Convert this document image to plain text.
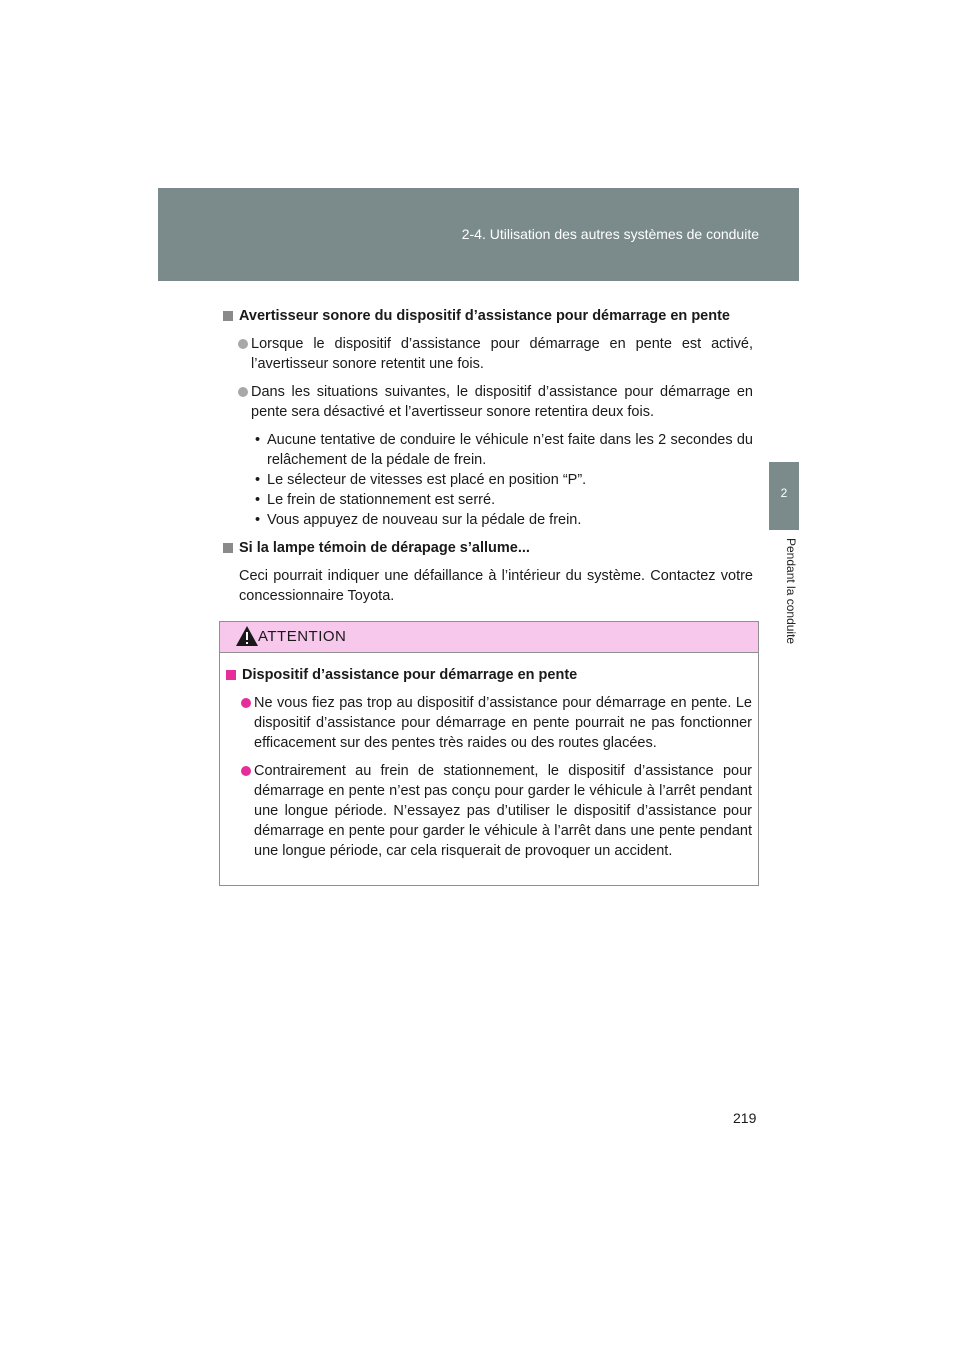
2-4. Utilisation des autres systèmes de conduite
2
Pendant la conduite
Avertisseur sonore du dispositif d’assistance pour démarrage en pente
Lorsque le dispositif d’assistance pour démarrage en pente est activé, l’avertisseur sonore retentit une fois.
Dans les situations suivantes, le dispositif d’assistance pour démarrage en pente sera désactivé et l’avertisseur sonore retentira deux fois.
• Aucune tentative de conduire le véhicule n’est faite dans les 2 secondes du relâchement de la pédale de frein.
• Le sélecteur de vitesses est placé en position “P”.
• Le frein de stationnement est serré.
• Vous appuyez de nouveau sur la pédale de frein.
Si la lampe témoin de dérapage s’allume...
Ceci pourrait indiquer une défaillance à l’intérieur du système. Contactez votre concessionnaire Toyota.
ATTENTION
Dispositif d’assistance pour démarrage en pente
Ne vous fiez pas trop au dispositif d’assistance pour démarrage en pente. Le dispositif d’assistance pour démarrage en pente pourrait ne pas fonctionner efficacement sur des pentes très raides ou des routes glacées.
Contrairement au frein de stationnement, le dispositif d’assistance pour démarrage en pente n’est pas conçu pour garder le véhicule à l’arrêt pendant une longue période. N’essayez pas d’utiliser le dispositif d’assistance pour démarrage en pente pour garder le véhicule à l’arrêt dans une pente pendant une longue période, car cela risquerait de provoquer un accident.
219
